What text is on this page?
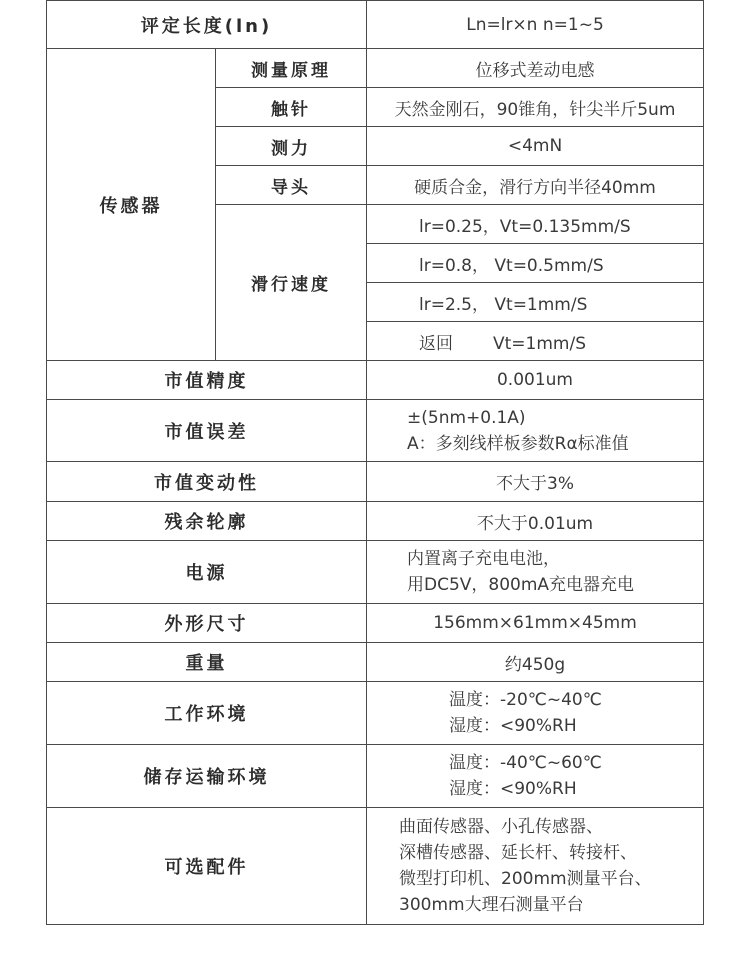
评定长度(ln)		Ln=lr×n n=1~5
传感器	测量原理	位移式差动电感
	触针	天然金刚石，90锥角，针尖半斤5um
	测力	<4mN
	导头	硬质合金，滑行方向半径40mm
	滑行速度	lr=0.25，Vt=0.135mm/S
		lr=0.8， Vt=0.5mm/S
		lr=2.5， Vt=1mm/S
		返回 Vt=1mm/S
市值精度		0.001um
市值误差		±(5nm+0.1A)
A：多刻线样板参数Rα标准值

市值变动性		不大于3%
残余轮廓		不大于0.01um
电源		内置离子充电电池，
用DC5V，800mA充电器充电

外形尺寸		156mm×61mm×45mm
重量		约450g
工作环境		温度：-20℃~40℃
湿度：<90%RH

储存运输环境		温度：-40℃~60℃
湿度：<90%RH

可选配件		曲面传感器、小孔传感器、
深槽传感器、延长杆、转接杆、
微型打印机、200mm测量平台、
300mm大理石测量平台
